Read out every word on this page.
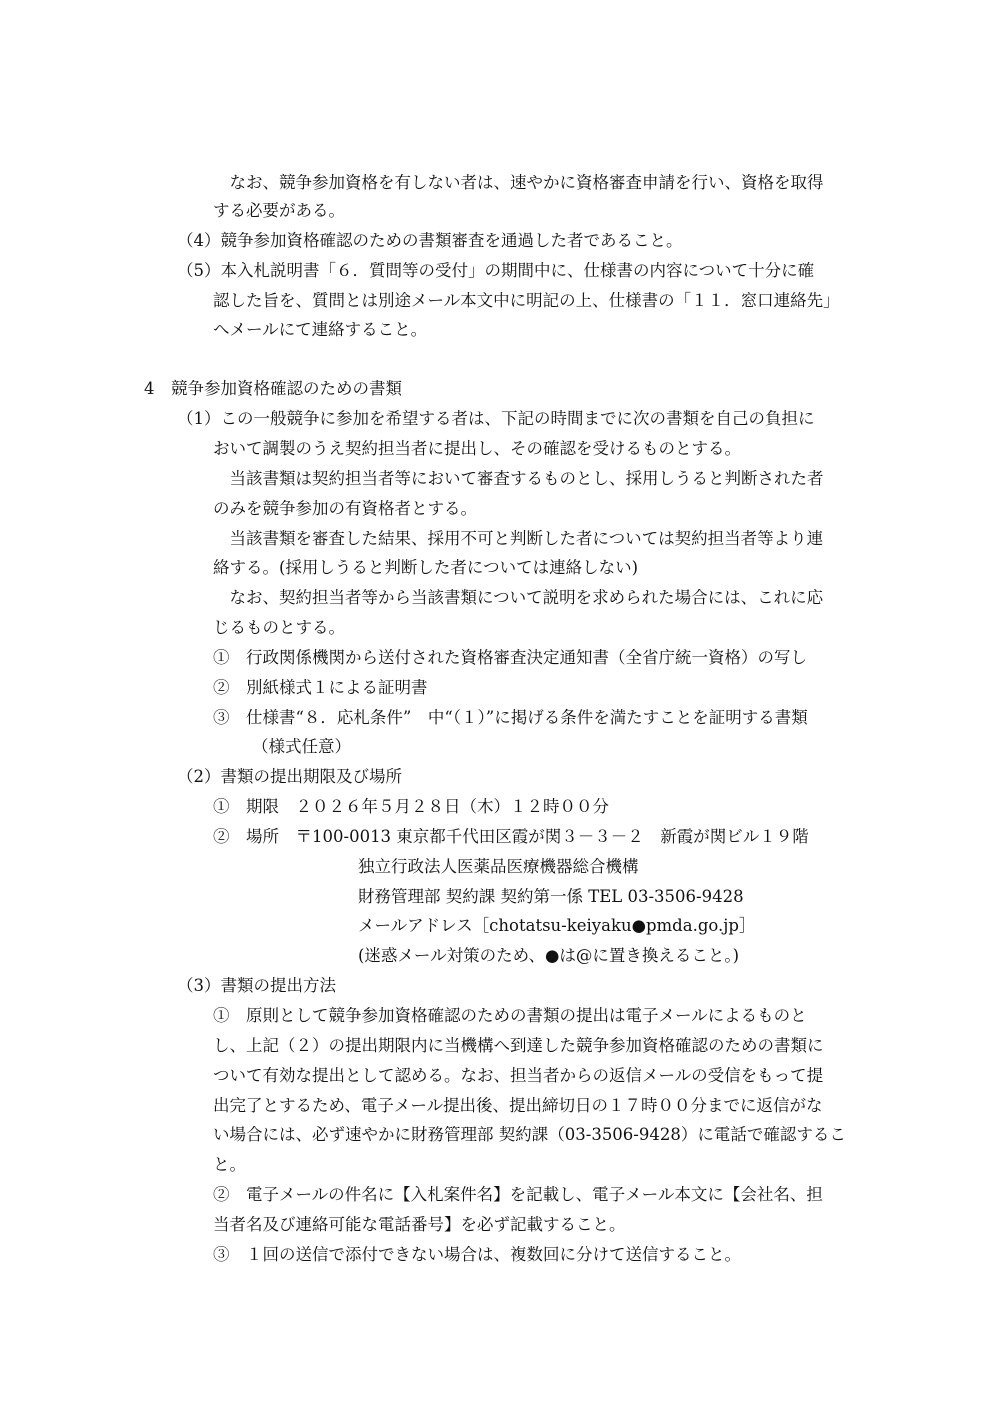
　なお、競争参加資格を有しない者は、速やかに資格審査申請を行い、資格を取得
する必要がある。
（4）競争参加資格確認のための書類審査を通過した者であること。
（5）本入札説明書「６．質問等の受付」の期間中に、仕様書の内容について十分に確
認した旨を、質問とは別途メール本文中に明記の上、仕様書の「１１．窓口連絡先」
へメールにて連絡すること。
4　競争参加資格確認のための書類
（1）この一般競争に参加を希望する者は、下記の時間までに次の書類を自己の負担に
おいて調製のうえ契約担当者に提出し、その確認を受けるものとする。
　当該書類は契約担当者等において審査するものとし、採用しうると判断された者
のみを競争参加の有資格者とする。
　当該書類を審査した結果、採用不可と判断した者については契約担当者等より連
絡する。(採用しうると判断した者については連絡しない)
　なお、契約担当者等から当該書類について説明を求められた場合には、これに応
じるものとする。
①　行政関係機関から送付された資格審査決定通知書（全省庁統一資格）の写し
②　別紙様式１による証明書
③　仕様書“８．応札条件”　中“（１）”に掲げる条件を満たすことを証明する書類
（様式任意）
（2）書類の提出期限及び場所
①　期限　２０２６年５月２８日（木）１２時００分
②　場所　〒100-0013 東京都千代田区霞が関３－３－２　新霞が関ビル１９階
独立行政法人医薬品医療機器総合機構
財務管理部 契約課 契約第一係 TEL 03-3506-9428
メールアドレス［chotatsu-keiyaku●pmda.go.jp］
(迷惑メール対策のため、●は@に置き換えること。)
（3）書類の提出方法
①　原則として競争参加資格確認のための書類の提出は電子メールによるものと
し、上記（２）の提出期限内に当機構へ到達した競争参加資格確認のための書類に
ついて有効な提出として認める。なお、担当者からの返信メールの受信をもって提
出完了とするため、電子メール提出後、提出締切日の１７時００分までに返信がな
い場合には、必ず速やかに財務管理部 契約課（03-3506-9428）に電話で確認するこ
と。
②　電子メールの件名に【入札案件名】を記載し、電子メール本文に【会社名、担
当者名及び連絡可能な電話番号】を必ず記載すること。
③　１回の送信で添付できない場合は、複数回に分けて送信すること。
